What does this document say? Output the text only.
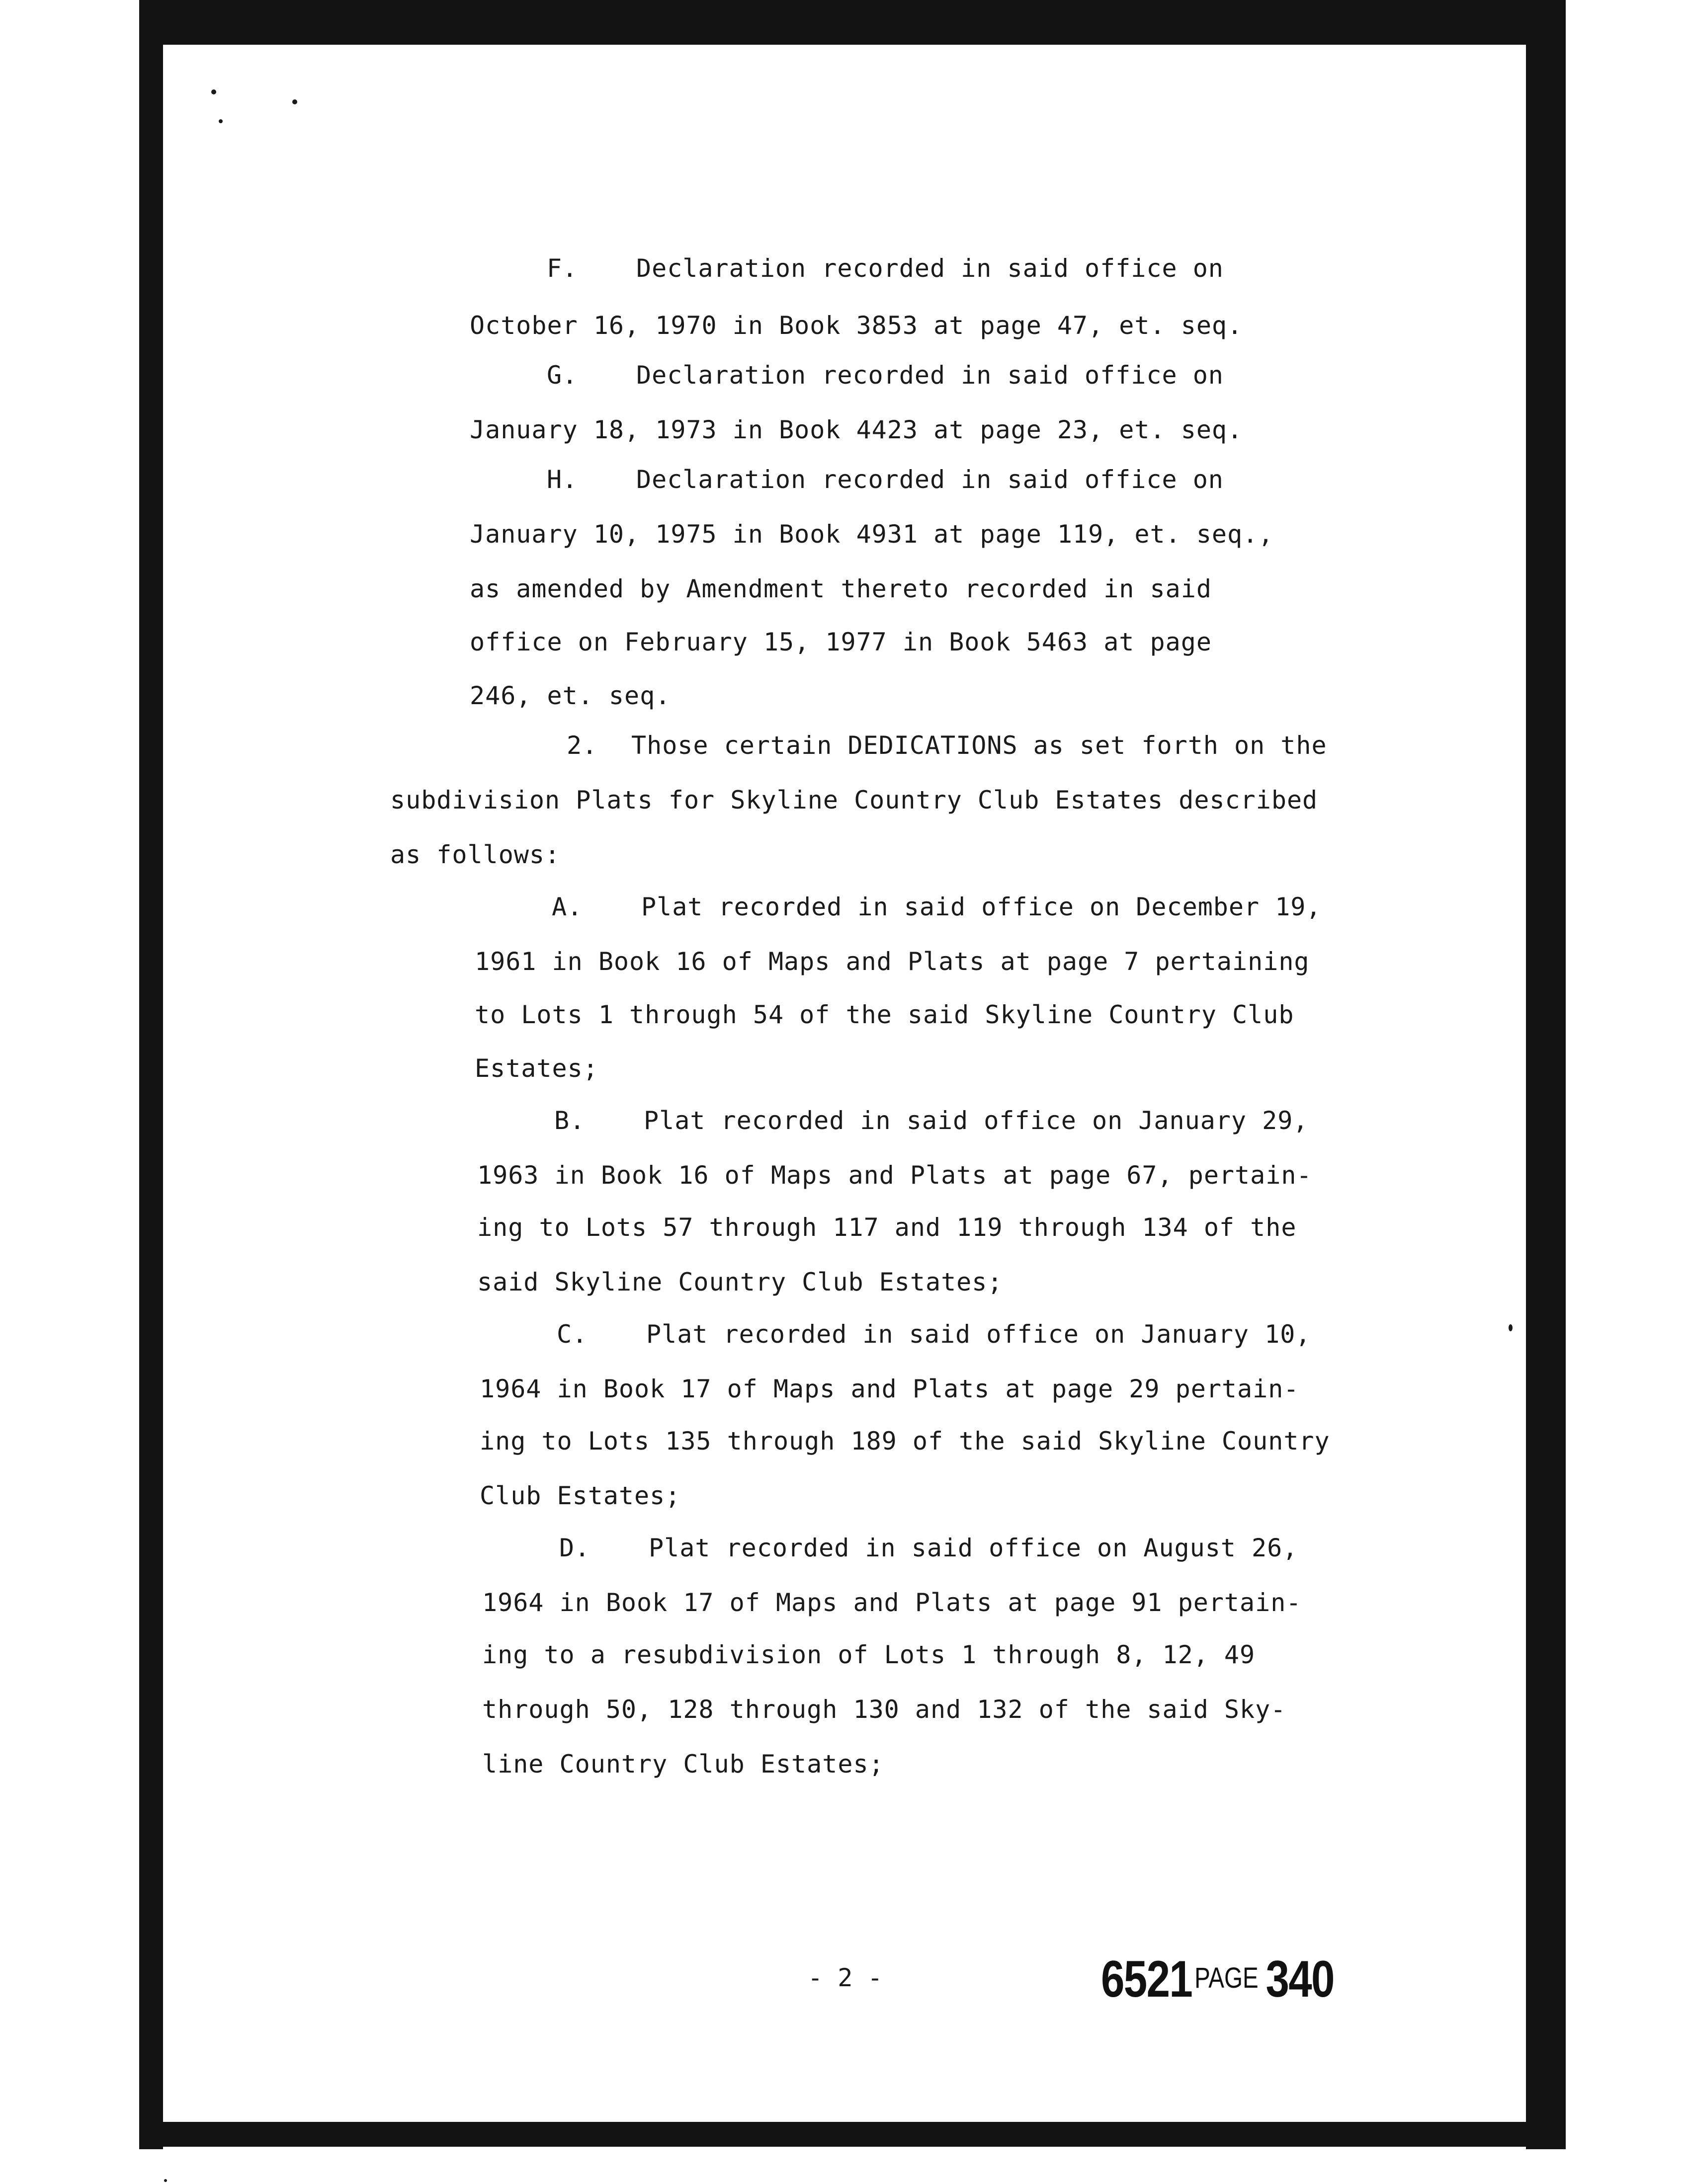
F. Declaration recorded in said office on
October 16, 1970 in Book 3853 at page 47, et. seq.
G. Declaration recorded in said office on
January 18, 1973 in Book 4423 at page 23, et. seq.
H. Declaration recorded in said office on
January 10, 1975 in Book 4931 at page 119, et. seq.,
as amended by Amendment thereto recorded in said
office on February 15, 1977 in Book 5463 at page
246, et. seq.
2. Those certain DEDICATIONS as set forth on the
subdivision Plats for Skyline Country Club Estates described
as follows:
A. Plat recorded in said office on December 19,
1961 in Book 16 of Maps and Plats at page 7 pertaining
to Lots 1 through 54 of the said Skyline Country Club
Estates;
B. Plat recorded in said office on January 29,
1963 in Book 16 of Maps and Plats at page 67, pertain-
ing to Lots 57 through 117 and 119 through 134 of the
said Skyline Country Club Estates;
C. Plat recorded in said office on January 10,
1964 in Book 17 of Maps and Plats at page 29 pertain-
ing to Lots 135 through 189 of the said Skyline Country
Club Estates;
D. Plat recorded in said office on August 26,
1964 in Book 17 of Maps and Plats at page 91 pertain-
ing to a resubdivision of Lots 1 through 8, 12, 49
through 50, 128 through 130 and 132 of the said Sky-
line Country Club Estates;
- 2 -	6521PAGE 340
